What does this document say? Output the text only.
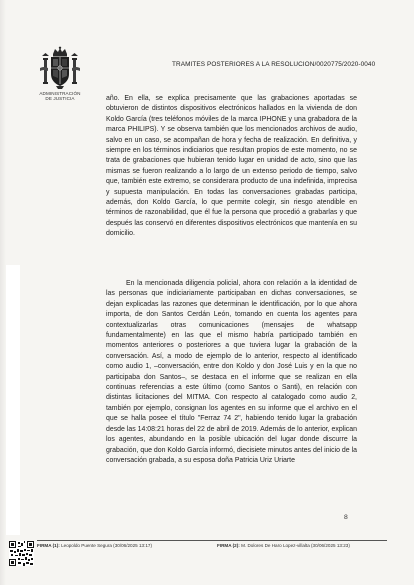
ADMINISTRACIÓN
DE JUSTICIA
TRAMITES POSTERIORES A LA RESOLUCION/0020775/2020-0040

año. En ella, se explica precisamente que las grabaciones aportadas se obtuvieron de distintos dispositivos electrónicos hallados en la vivienda de don Koldo García (tres teléfonos móviles de la marca IPHONE y una grabadora de la marca PHILIPS). Y se observa también que los mencionados archivos de audio, salvo en un caso, se acompañan de hora y fecha de realización. En definitiva, y siempre en los términos indiciarios que resultan propios de este momento, no se trata de grabaciones que hubieran tenido lugar en unidad de acto, sino que las mismas se fueron realizando a lo largo de un extenso periodo de tiempo, salvo que, también este extremo, se considerara producto de una indefinida, imprecisa y supuesta manipulación. En todas las conversaciones grabadas participa, además, don Koldo García, lo que permite colegir, sin riesgo atendible en términos de razonabilidad, que él fue la persona que procedió a grabarlas y que después las conservó en diferentes dispositivos electrónicos que mantenía en su domicilio.

En la mencionada diligencia policial, ahora con relación a la identidad de las personas que indiciariamente participaban en dichas conversaciones, se dejan explicadas las razones que determinan le identificación, por lo que ahora importa, de don Santos Cerdán León, tomando en cuenta los agentes para contextualizarlas otras comunicaciones (mensajes de whatsapp fundamentalmente) en las que el mismo habría participado también en momentos anteriores o posteriores a que tuviera lugar la grabación de la conversación. Así, a modo de ejemplo de lo anterior, respecto al identificado como audio 1, –conversación, entre don Koldo y don José Luis y en la que no participaba don Santos–, se destaca en el informe que se realizan en ella continuas referencias a este último (como Santos o Santi), en relación con distintas licitaciones del MITMA. Con respecto al catalogado como audio 2, también por ejemplo, consignan los agentes en su informe que el archivo en el que se halla posee el título "Ferraz 74 2", habiendo tenido lugar la grabación desde las 14:08:21 horas del 22 de abril de 2019. Además de lo anterior, explican los agentes, abundando en la posible ubicación del lugar donde discurre la grabación, que don Koldo García informó, diecisiete minutos antes del inicio de la conversación grabada, a su esposa doña Patricia Uriz Uriarte

8
FIRMA (1): Leopoldo Puente Segura (30/06/2025 13:17)	FIRMA (2): M. Dolores De Haro Lopez-villalta (30/06/2025 13:23)
